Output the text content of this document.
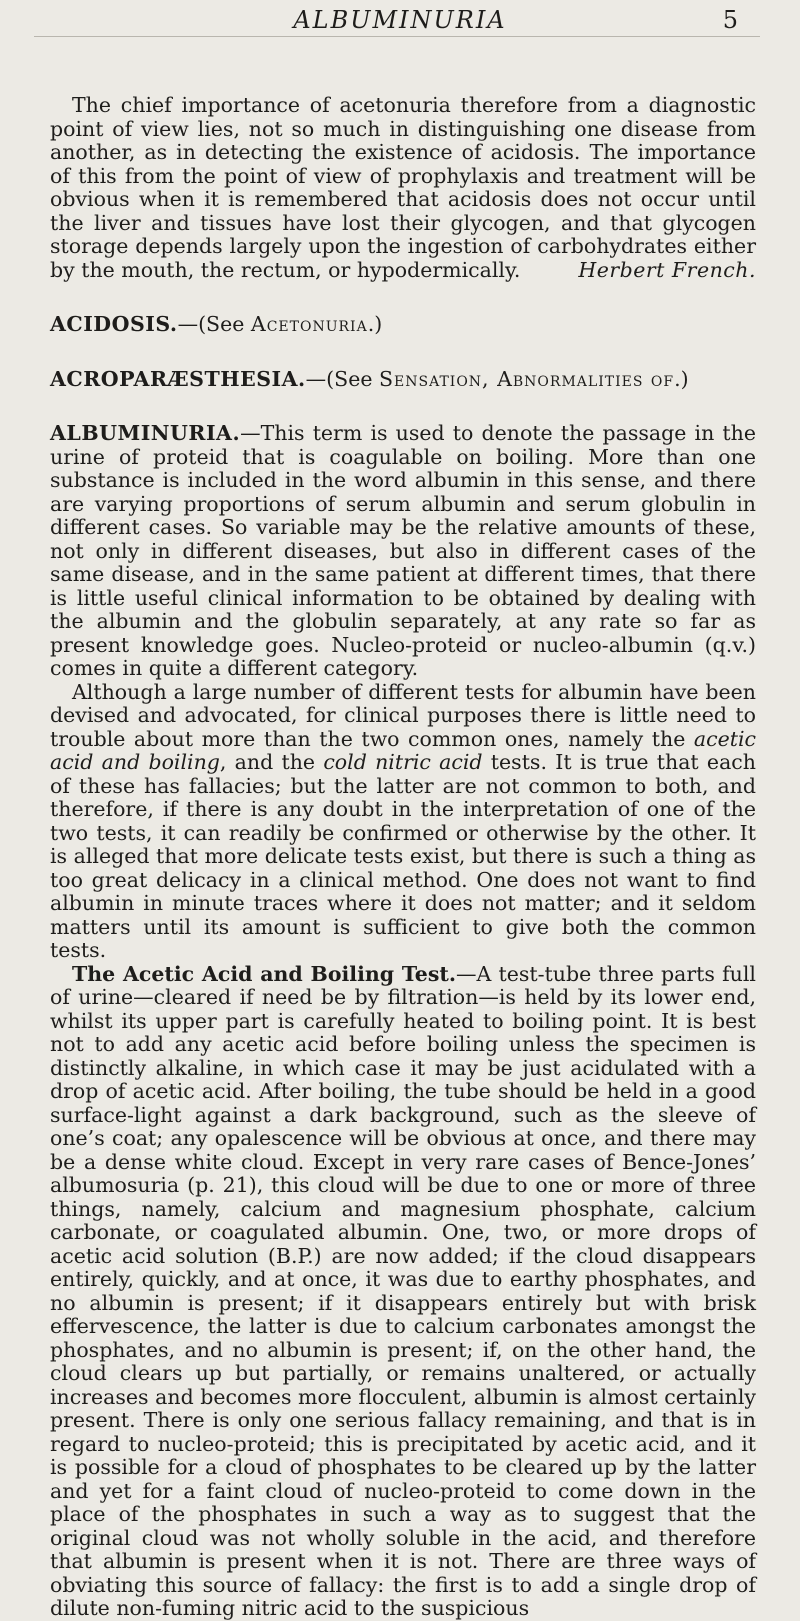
ALBUMINURIA	5

The chief importance of acetonuria therefore from a diagnostic point of view lies, not so much in distinguishing one disease from another, as in detecting the existence of acidosis. The importance of this from the point of view of prophylaxis and treatment will be obvious when it is remembered that acidosis does not occur until the liver and tissues have lost their glycogen, and that glycogen storage depends largely upon the ingestion of carbohydrates either by the mouth, the rectum, or hypodermically.	Herbert French.

ACIDOSIS.—(See Acetonuria.)

ACROPARÆSTHESIA.—(See Sensation, Abnormalities of.)

ALBUMINURIA.—This term is used to denote the passage in the urine of proteid that is coagulable on boiling. More than one substance is included in the word albumin in this sense, and there are varying proportions of serum albumin and serum globulin in different cases. So variable may be the relative amounts of these, not only in different diseases, but also in different cases of the same disease, and in the same patient at different times, that there is little useful clinical information to be obtained by dealing with the albumin and the globulin separately, at any rate so far as present knowledge goes. Nucleo-proteid or nucleo-albumin (q.v.) comes in quite a different category.

Although a large number of different tests for albumin have been devised and advocated, for clinical purposes there is little need to trouble about more than the two common ones, namely the acetic acid and boiling, and the cold nitric acid tests. It is true that each of these has fallacies; but the latter are not common to both, and therefore, if there is any doubt in the interpretation of one of the two tests, it can readily be confirmed or otherwise by the other. It is alleged that more delicate tests exist, but there is such a thing as too great delicacy in a clinical method. One does not want to find albumin in minute traces where it does not matter; and it seldom matters until its amount is sufficient to give both the common tests.

The Acetic Acid and Boiling Test.—A test-tube three parts full of urine—cleared if need be by filtration—is held by its lower end, whilst its upper part is carefully heated to boiling point. It is best not to add any acetic acid before boiling unless the specimen is distinctly alkaline, in which case it may be just acidulated with a drop of acetic acid. After boiling, the tube should be held in a good surface-light against a dark background, such as the sleeve of one’s coat; any opalescence will be obvious at once, and there may be a dense white cloud. Except in very rare cases of Bence-Jones’ albumosuria (p. 21), this cloud will be due to one or more of three things, namely, calcium and magnesium phosphate, calcium carbonate, or coagulated albumin. One, two, or more drops of acetic acid solution (B.P.) are now added; if the cloud disappears entirely, quickly, and at once, it was due to earthy phosphates, and no albumin is present; if it disappears entirely but with brisk effervescence, the latter is due to calcium carbonates amongst the phosphates, and no albumin is present; if, on the other hand, the cloud clears up but partially, or remains unaltered, or actually increases and becomes more flocculent, albumin is almost certainly present. There is only one serious fallacy remaining, and that is in regard to nucleo-proteid; this is precipitated by acetic acid, and it is possible for a cloud of phosphates to be cleared up by the latter and yet for a faint cloud of nucleo-proteid to come down in the place of the phosphates in such a way as to suggest that the original cloud was not wholly soluble in the acid, and therefore that albumin is present when it is not. There are three ways of obviating this source of fallacy: the first is to add a single drop of dilute non-fuming nitric acid to the suspicious
